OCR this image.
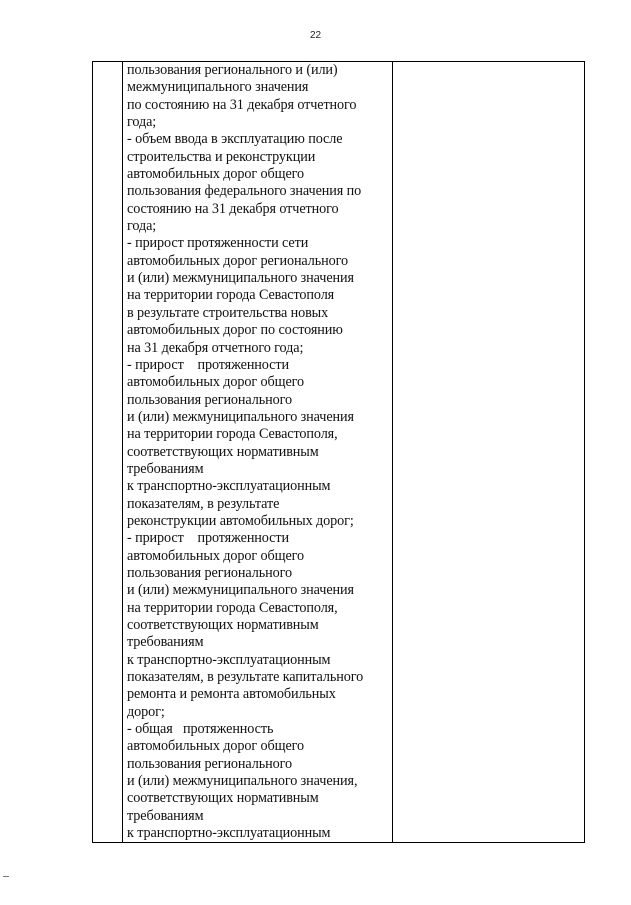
22

пользования регионального и (или)
межмуниципального значения
по состоянию на 31 декабря отчетного
года;
- объем ввода в эксплуатацию после
строительства и реконструкции
автомобильных дорог общего
пользования федерального значения по
состоянию на 31 декабря отчетного
года;
- прирост протяженности сети
автомобильных дорог регионального
и (или) межмуниципального значения
на территории города Севастополя
в результате строительства новых
автомобильных дорог по состоянию
на 31 декабря отчетного года;
- прирост    протяженности
автомобильных дорог общего
пользования регионального
и (или) межмуниципального значения
на территории города Севастополя,
соответствующих нормативным
требованиям
к транспортно-эксплуатационным
показателям, в результате
реконструкции автомобильных дорог;
- прирост    протяженности
автомобильных дорог общего
пользования регионального
и (или) межмуниципального значения
на территории города Севастополя,
соответствующих нормативным
требованиям
к транспортно-эксплуатационным
показателям, в результате капитального
ремонта и ремонта автомобильных
дорог;
- общая   протяженность
автомобильных дорог общего
пользования регионального
и (или) межмуниципального значения,
соответствующих нормативным
требованиям
к транспортно-эксплуатационным
